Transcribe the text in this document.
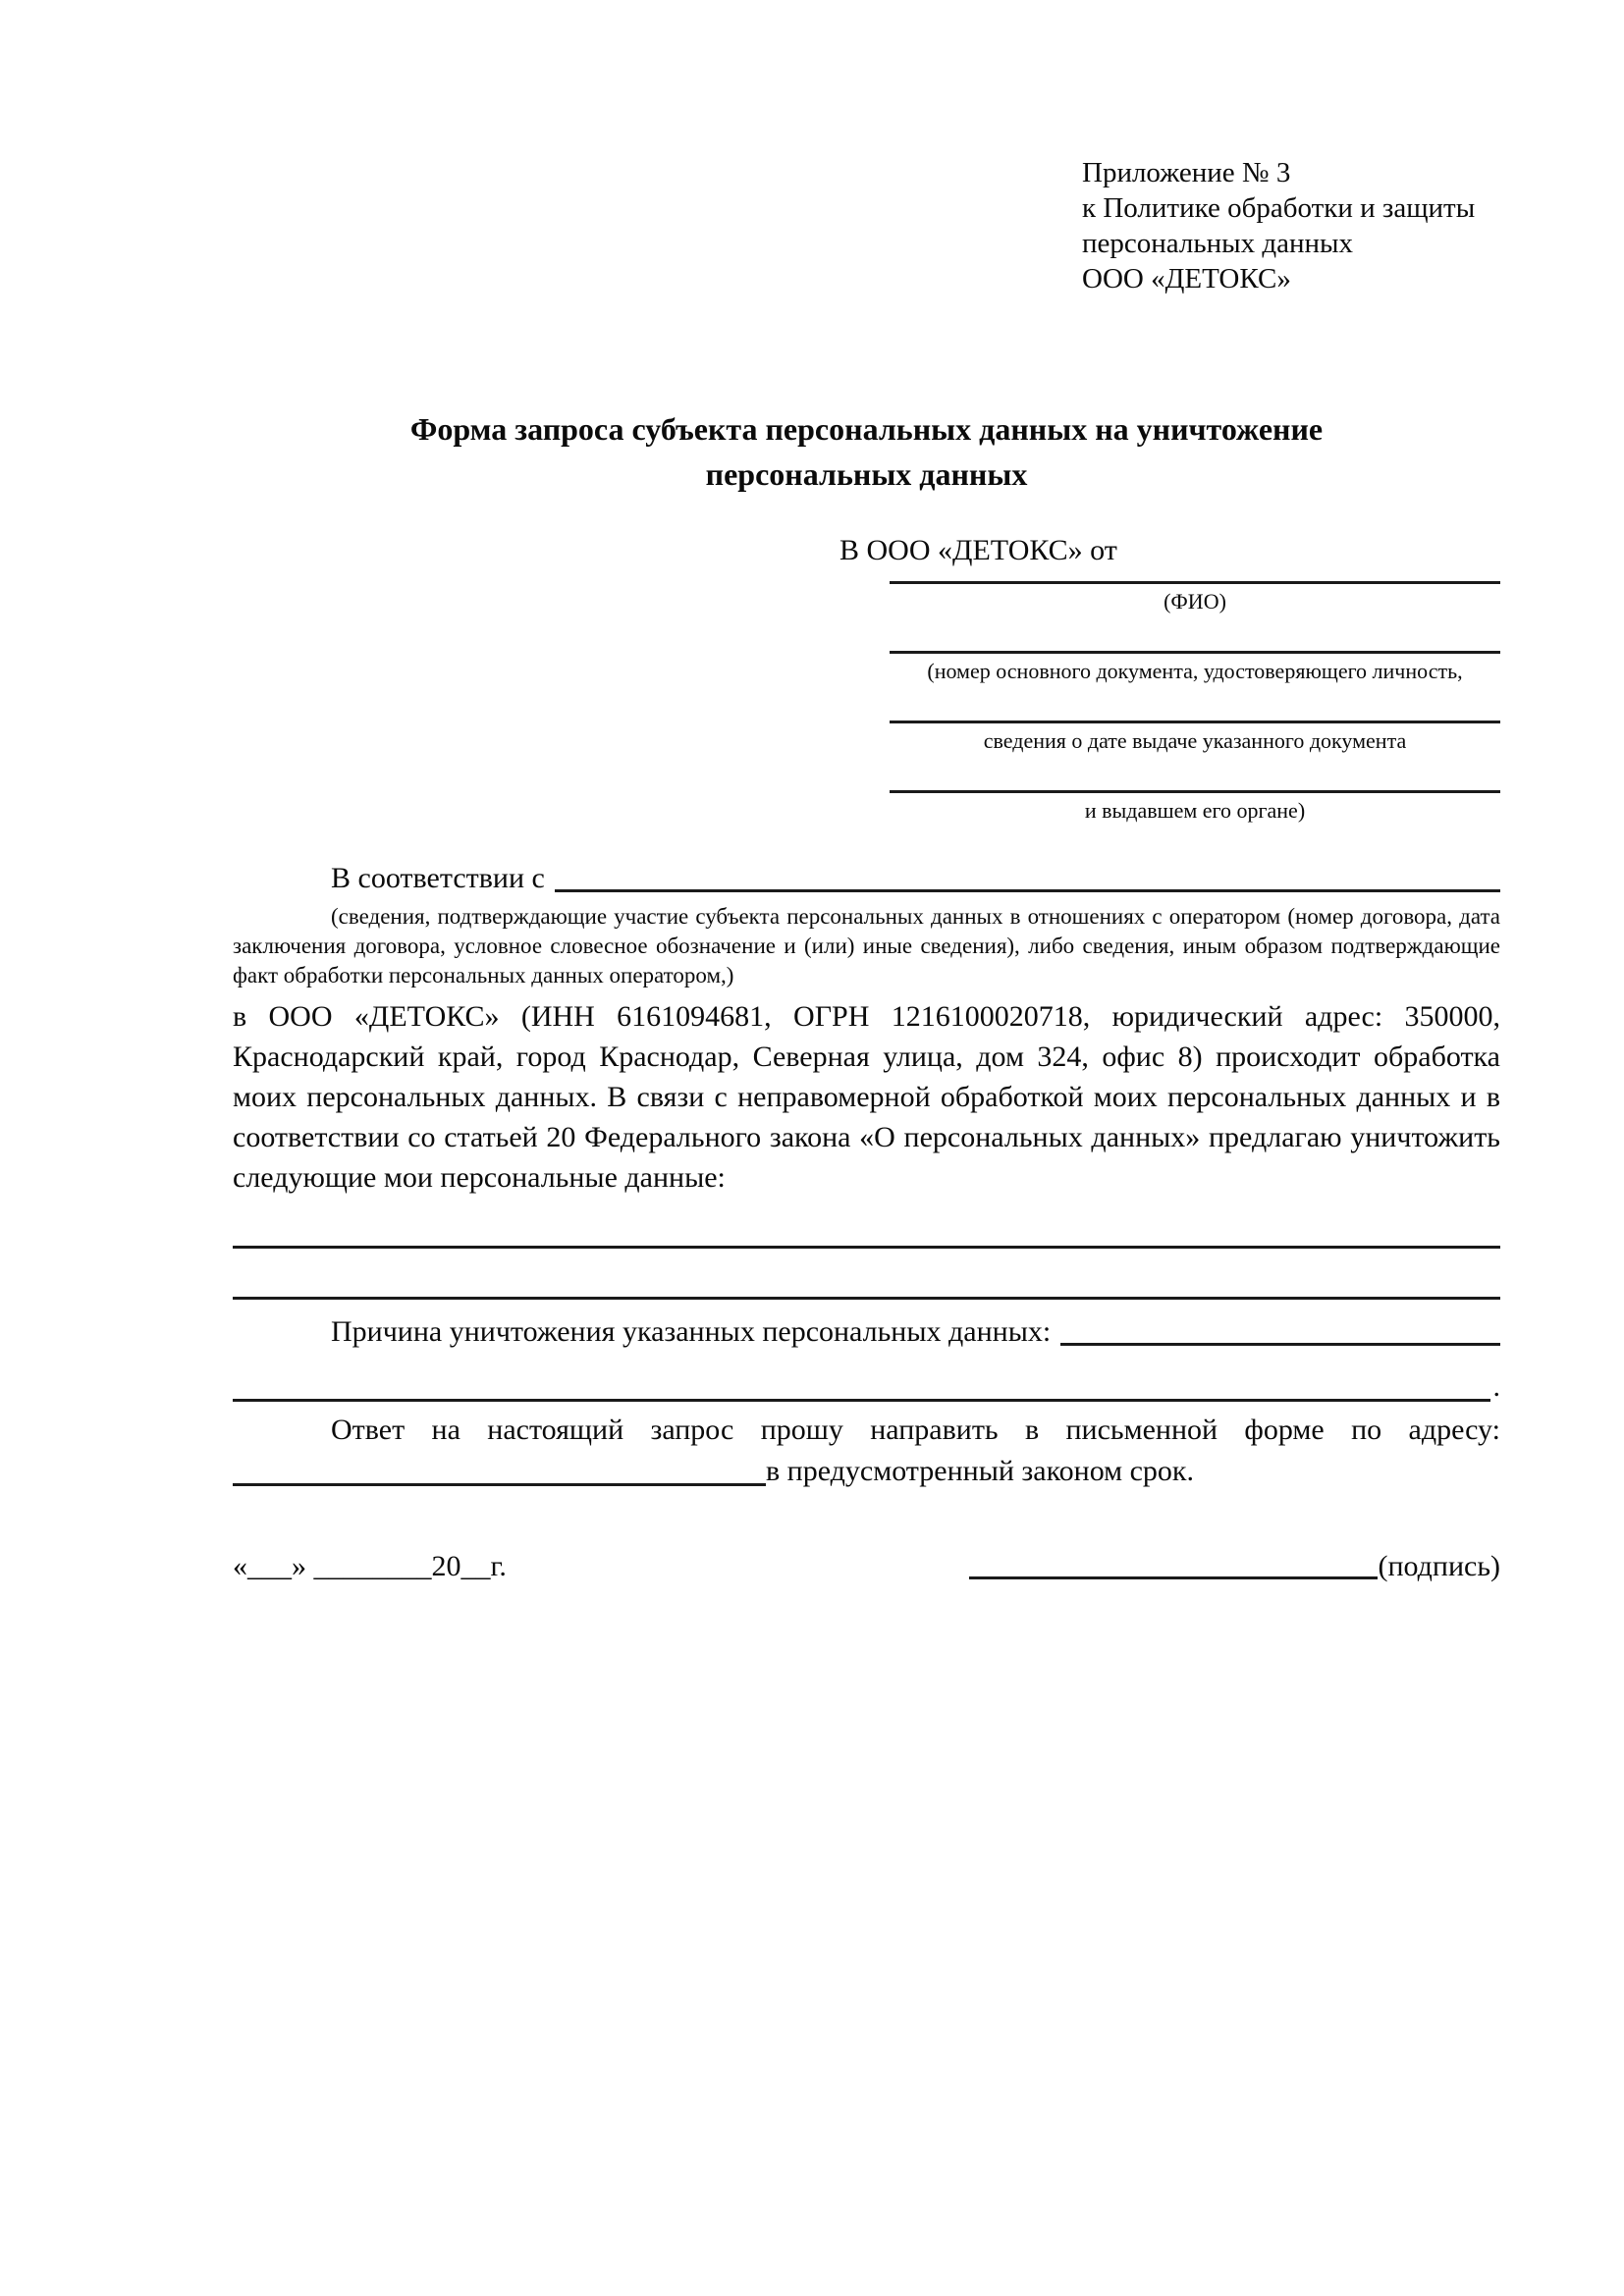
Приложение № 3
к Политике обработки и защиты
персональных данных
ООО «ДЕТОКС»
Форма запроса субъекта персональных данных на уничтожение
персональных данных
В ООО «ДЕТОКС» от
(ФИО)
(номер основного документа, удостоверяющего личность,
сведения о дате выдаче указанного документа
и выдавшем его органе)
В соответствии с
(сведения, подтверждающие участие субъекта персональных данных в отношениях с оператором (номер договора, дата заключения договора, условное словесное обозначение и (или) иные сведения), либо сведения, иным образом подтверждающие факт обработки персональных данных оператором,)

в ООО «ДЕТОКС» (ИНН 6161094681, ОГРН 1216100020718, юридический адрес: 350000, Краснодарский край, город Краснодар, Северная улица, дом 324, офис 8) происходит обработка моих персональных данных. В связи с неправомерной обработкой моих персональных данных и в соответствии со статьей 20 Федерального закона «О персональных данных» предлагаю уничтожить следующие мои персональные данные:

Причина уничтожения указанных персональных данных:
.
Ответ на настоящий запрос прошу направить в письменной форме по адресу:
в предусмотренный законом срок.
«___» ________20__г.	(подпись)
